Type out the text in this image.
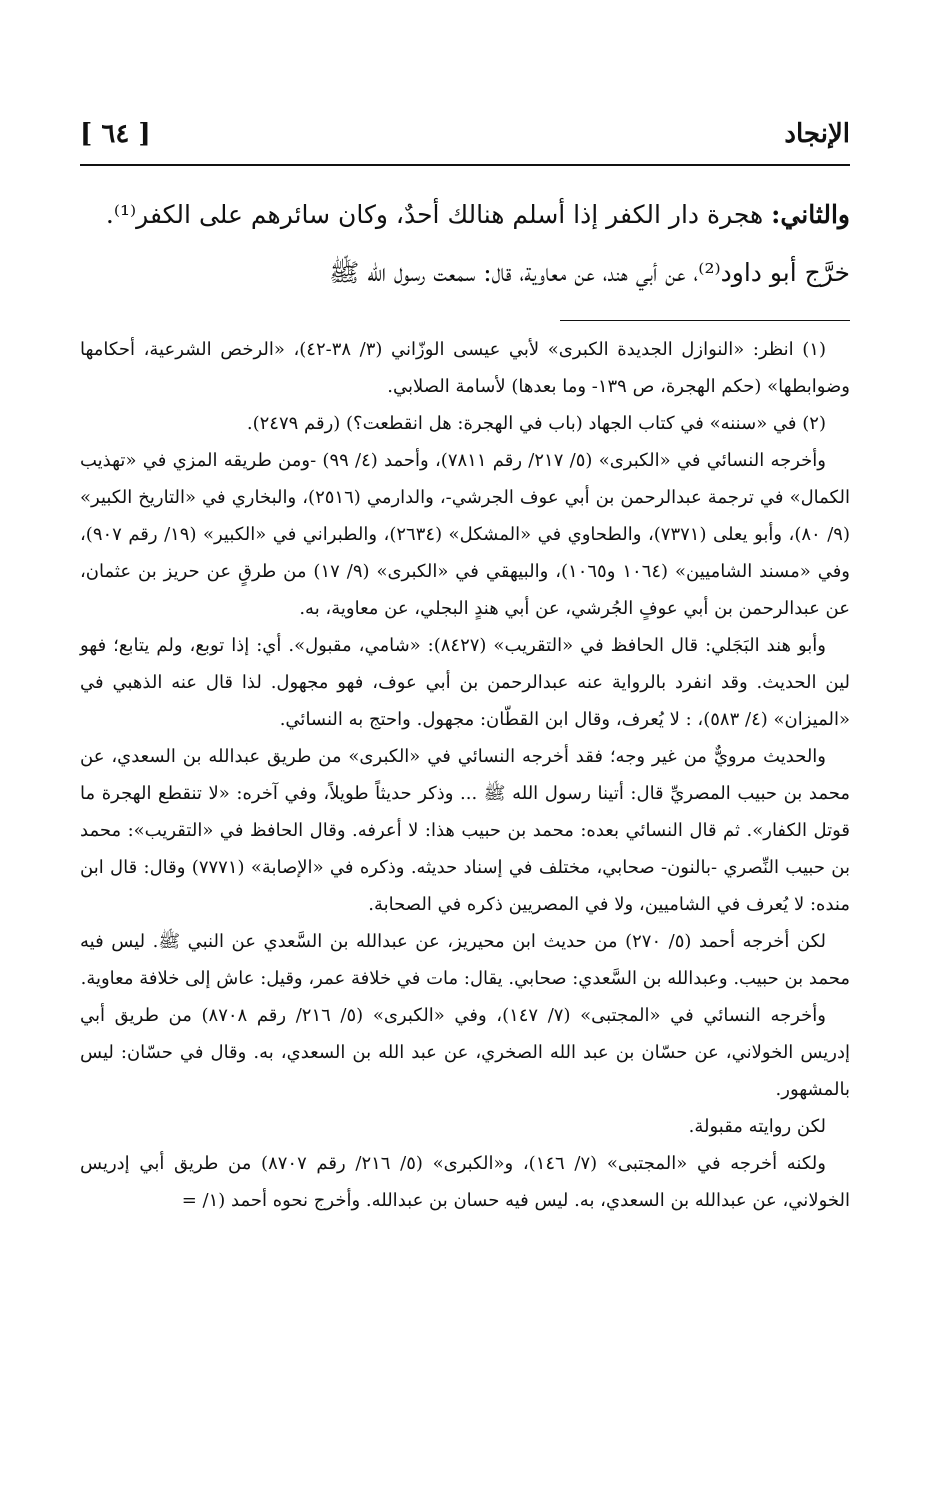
الإنجاد
[ ٦٤ ]

والثاني: هجرة دار الكفر إذا أسلم هنالك أحدٌ، وكان سائرهم على الكفر⁽¹⁾.

خرَّج أبو داود⁽²⁾، عن أبي هند، عن معاوية، قال: سمعت رسول الله ﷺ

(١) انظر: «النوازل الجديدة الكبرى» لأبي عيسى الوزّاني (٣/ ٣٨-٤٢)، «الرخص الشرعية، أحكامها وضوابطها» (حكم الهجرة، ص ١٣٩- وما بعدها) لأسامة الصلابي.

(٢) في «سننه» في كتاب الجهاد (باب في الهجرة: هل انقطعت؟) (رقم ٢٤٧٩).

وأخرجه النسائي في «الكبرى» (٥/ ٢١٧/ رقم ٧٨١١)، وأحمد (٤/ ٩٩) -ومن طريقه المزي في «تهذيب الكمال» في ترجمة عبدالرحمن بن أبي عوف الجرشي-، والدارمي (٢٥١٦)، والبخاري في «التاريخ الكبير» (٩/ ٨٠)، وأبو يعلى (٧٣٧١)، والطحاوي في «المشكل» (٢٦٣٤)، والطبراني في «الكبير» (١٩/ رقم ٩٠٧)، وفي «مسند الشاميين» (١٠٦٤ و١٠٦٥)، والبيهقي في «الكبرى» (٩/ ١٧) من طرقٍ عن حريز بن عثمان، عن عبدالرحمن بن أبي عوفٍ الجُرشي، عن أبي هندٍ البجلي، عن معاوية، به.

وأبو هند البَجَلي: قال الحافظ في «التقريب» (٨٤٢٧): «شامي، مقبول». أي: إذا توبع، ولم يتابع؛ فهو لين الحديث. وقد انفرد بالرواية عنه عبدالرحمن بن أبي عوف، فهو مجهول. لذا قال عنه الذهبي في «الميزان» (٤/ ٥٨٣)، : لا يُعرف، وقال ابن القطّان: مجهول. واحتج به النسائي.

والحديث مرويٌّ من غير وجه؛ فقد أخرجه النسائي في «الكبرى» من طريق عبدالله بن السعدي، عن محمد بن حبيب المصريِّ قال: أتينا رسول الله ﷺ ... وذكر حديثاً طويلاً، وفي آخره: «لا تنقطع الهجرة ما قوتل الكفار». ثم قال النسائي بعده: محمد بن حبيب هذا: لا أعرفه. وقال الحافظ في «التقريب»: محمد بن حبيب النِّصري -بالنون- صحابي، مختلف في إسناد حديثه. وذكره في «الإصابة» (٧٧٧١) وقال: قال ابن منده: لا يُعرف في الشاميين، ولا في المصريين ذكره في الصحابة.

لكن أخرجه أحمد (٥/ ٢٧٠) من حديث ابن محيريز، عن عبدالله بن السَّعدي عن النبي ﷺ. ليس فيه محمد بن حبيب. وعبدالله بن السَّعدي: صحابي. يقال: مات في خلافة عمر، وقيل: عاش إلى خلافة معاوية.

وأخرجه النسائي في «المجتبى» (٧/ ١٤٧)، وفي «الكبرى» (٥/ ٢١٦/ رقم ٨٧٠٨) من طريق أبي إدريس الخولاني، عن حسّان بن عبد الله الصخري، عن عبد الله بن السعدي، به. وقال في حسّان: ليس بالمشهور.

لكن روايته مقبولة.

ولكنه أخرجه في «المجتبى» (٧/ ١٤٦)، و«الكبرى» (٥/ ٢١٦/ رقم ٨٧٠٧) من طريق أبي إدريس الخولاني، عن عبدالله بن السعدي، به. ليس فيه حسان بن عبدالله. وأخرج نحوه أحمد (١/ =
